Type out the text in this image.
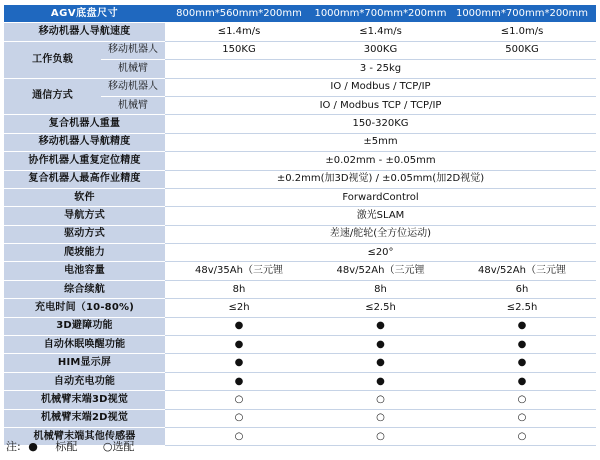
AGV底盘尺寸		800mm*560mm*200mm	1000mm*700mm*200mm	1000mm*700mm*200mm
移动机器人导航速度		≤1.4m/s	≤1.4m/s	≤1.0m/s
工作负载	移动机器人	150KG	300KG	500KG
	机械臂	3 - 25kg		
通信方式	移动机器人	IO / Modbus / TCP/IP		
	机械臂	IO / Modbus TCP / TCP/IP		
复合机器人重量		150-320KG		
移动机器人导航精度		±5mm		
协作机器人重复定位精度		±0.02mm - ±0.05mm		
复合机器人最高作业精度		±0.2mm(加3D视觉) / ±0.05mm(加2D视觉)		
软件		ForwardControl		
导航方式		激光SLAM		
驱动方式		差速/舵轮(全方位运动)		
爬坡能力		≤20°		
电池容量		48v/35Ah（三元锂	48v/52Ah（三元锂	48v/52Ah（三元锂
综合续航		8h	8h	6h
充电时间（10-80%)		≤2h	≤2.5h	≤2.5h
3D避障功能		●	●	●
自动休眠唤醒功能		●	●	●
HIM显示屏		●	●	●
自动充电功能		●	●	●
机械臂末端3D视觉		○	○	○
机械臂末端2D视觉		○	○	○
机械臂末端其他传感器		○	○	○
注: ● 标配 ○选配
